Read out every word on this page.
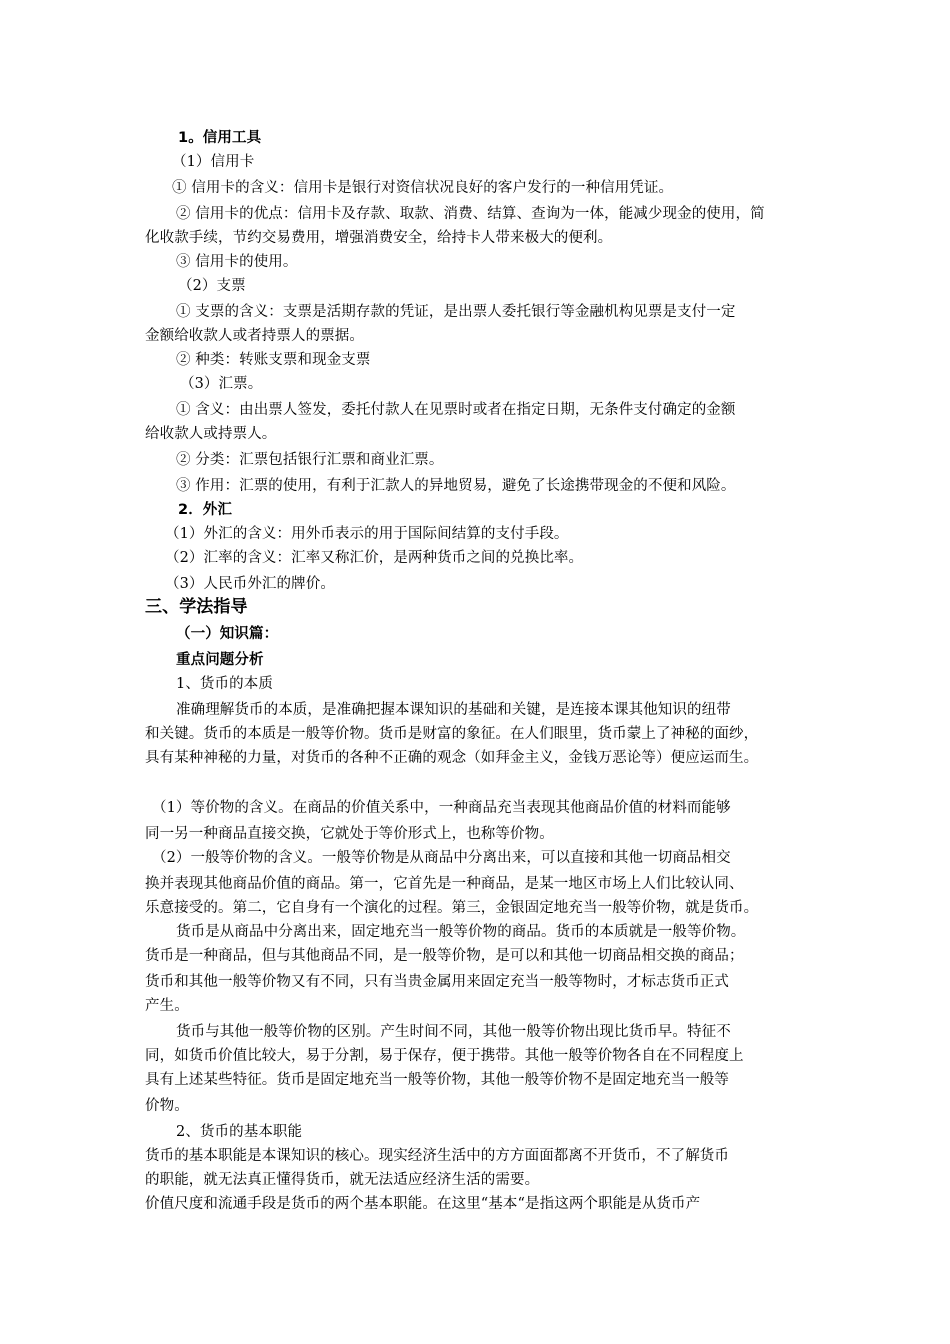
1。信用工具
（1）信用卡
① 信用卡的含义：信用卡是银行对资信状况良好的客户发行的一种信用凭证。
② 信用卡的优点：信用卡及存款、取款、消费、结算、查询为一体，能减少现金的使用，简
化收款手续，节约交易费用，增强消费安全，给持卡人带来极大的便利。
③ 信用卡的使用。
（2）支票
① 支票的含义：支票是活期存款的凭证，是出票人委托银行等金融机构见票是支付一定
金额给收款人或者持票人的票据。
② 种类：转账支票和现金支票
（3）汇票。
① 含义：由出票人签发，委托付款人在见票时或者在指定日期，无条件支付确定的金额
给收款人或持票人。
② 分类：汇票包括银行汇票和商业汇票。
③ 作用：汇票的使用，有利于汇款人的异地贸易，避免了长途携带现金的不便和风险。
2．外汇
（1）外汇的含义：用外币表示的用于国际间结算的支付手段。
（2）汇率的含义：汇率又称汇价，是两种货币之间的兑换比率。
（3）人民币外汇的牌价。
三、学法指导
（一）知识篇：
重点问题分析
1、货币的本质
准确理解货币的本质，是准确把握本课知识的基础和关键，是连接本课其他知识的纽带
和关键。货币的本质是一般等价物。货币是财富的象征。在人们眼里，货币蒙上了神秘的面纱，
具有某种神秘的力量，对货币的各种不正确的观念（如拜金主义，金钱万恶论等）便应运而生。
（1）等价物的含义。在商品的价值关系中，一种商品充当表现其他商品价值的材料而能够
同一另一种商品直接交换，它就处于等价形式上，也称等价物。
（2）一般等价物的含义。一般等价物是从商品中分离出来，可以直接和其他一切商品相交
换并表现其他商品价值的商品。第一，它首先是一种商品，是某一地区市场上人们比较认同、
乐意接受的。第二，它自身有一个演化的过程。第三，金银固定地充当一般等价物，就是货币。
货币是从商品中分离出来，固定地充当一般等价物的商品。货币的本质就是一般等价物。
货币是一种商品，但与其他商品不同，是一般等价物，是可以和其他一切商品相交换的商品；
货币和其他一般等价物又有不同，只有当贵金属用来固定充当一般等物时，才标志货币正式
产生。
货币与其他一般等价物的区别。产生时间不同，其他一般等价物出现比货币早。特征不
同，如货币价值比较大，易于分割，易于保存，便于携带。其他一般等价物各自在不同程度上
具有上述某些特征。货币是固定地充当一般等价物，其他一般等价物不是固定地充当一般等
价物。
2、货币的基本职能
货币的基本职能是本课知识的核心。现实经济生活中的方方面面都离不开货币，不了解货币
的职能，就无法真正懂得货币，就无法适应经济生活的需要。
价值尺度和流通手段是货币的两个基本职能。在这里“基本“是指这两个职能是从货币产
